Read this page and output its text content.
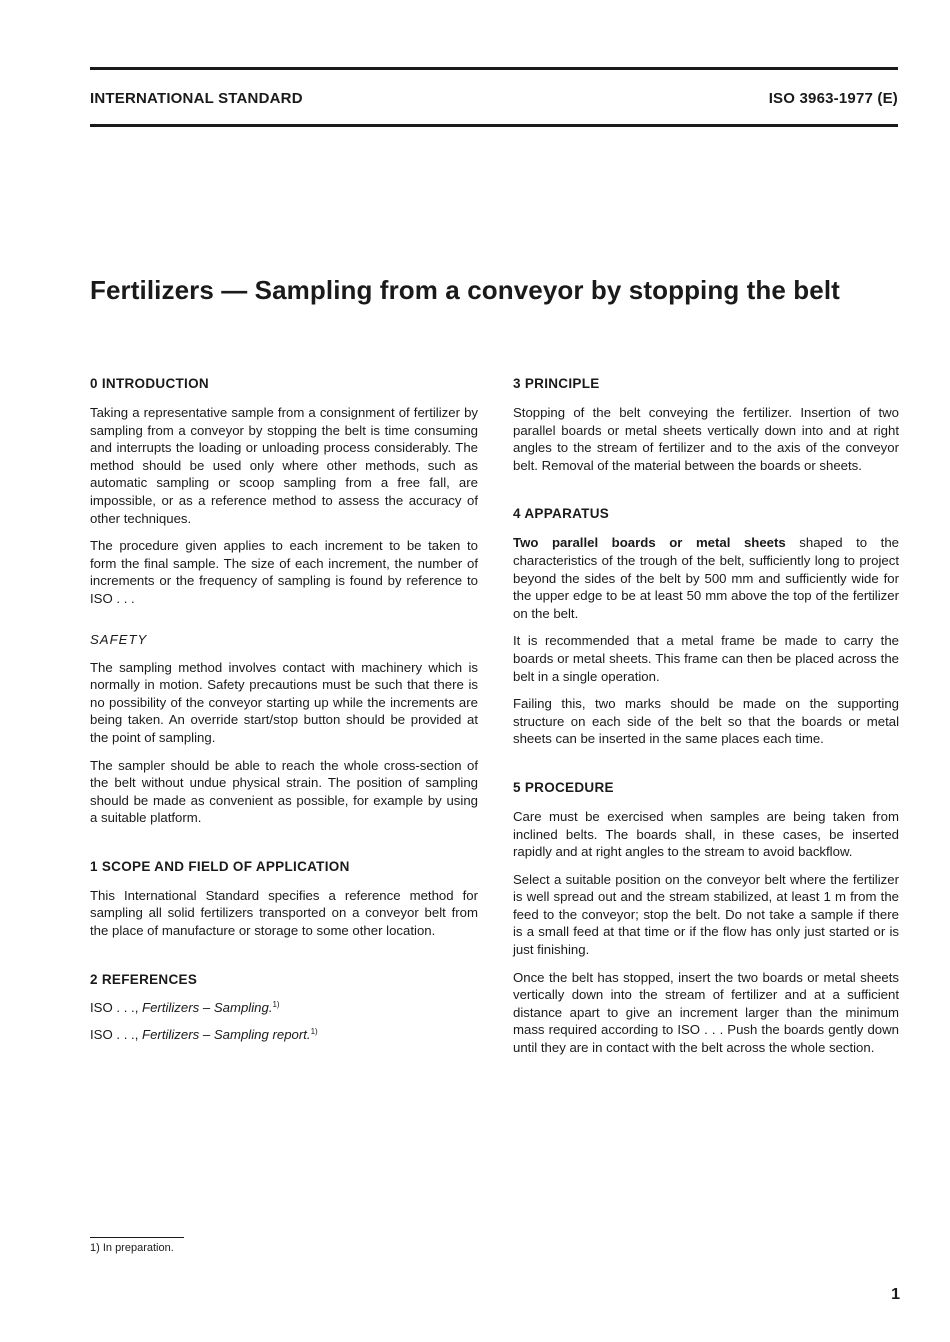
INTERNATIONAL STANDARD	ISO 3963-1977 (E)
Fertilizers — Sampling from a conveyor by stopping the belt
0 INTRODUCTION

Taking a representative sample from a consignment of fertilizer by sampling from a conveyor by stopping the belt is time consuming and interrupts the loading or unloading process considerably. The method should be used only where other methods, such as automatic sampling or scoop sampling from a free fall, are impossible, or as a reference method to assess the accuracy of other techniques.

The procedure given applies to each increment to be taken to form the final sample. The size of each increment, the number of increments or the frequency of sampling is found by reference to ISO . . .

SAFETY

The sampling method involves contact with machinery which is normally in motion. Safety precautions must be such that there is no possibility of the conveyor starting up while the increments are being taken. An override start/stop button should be provided at the point of sampling.

The sampler should be able to reach the whole cross-section of the belt without undue physical strain. The position of sampling should be made as convenient as possible, for example by using a suitable platform.

1 SCOPE AND FIELD OF APPLICATION

This International Standard specifies a reference method for sampling all solid fertilizers transported on a conveyor belt from the place of manufacture or storage to some other location.

2 REFERENCES
ISO . . ., Fertilizers – Sampling.$^{1)}$
ISO . . ., Fertilizers – Sampling report.$^{1)}$
3 PRINCIPLE

Stopping of the belt conveying the fertilizer. Insertion of two parallel boards or metal sheets vertically down into and at right angles to the stream of fertilizer and to the axis of the conveyor belt. Removal of the material between the boards or sheets.

4 APPARATUS

Two parallel boards or metal sheets shaped to the characteristics of the trough of the belt, sufficiently long to project beyond the sides of the belt by 500 mm and sufficiently wide for the upper edge to be at least 50 mm above the top of the fertilizer on the belt.

It is recommended that a metal frame be made to carry the boards or metal sheets. This frame can then be placed across the belt in a single operation.

Failing this, two marks should be made on the supporting structure on each side of the belt so that the boards or metal sheets can be inserted in the same places each time.

5 PROCEDURE

Care must be exercised when samples are being taken from inclined belts. The boards shall, in these cases, be inserted rapidly and at right angles to the stream to avoid backflow.

Select a suitable position on the conveyor belt where the fertilizer is well spread out and the stream stabilized, at least 1 m from the feed to the conveyor; stop the belt. Do not take a sample if there is a small feed at that time or if the flow has only just started or is just finishing.

Once the belt has stopped, insert the two boards or metal sheets vertically down into the stream of fertilizer and at a sufficient distance apart to give an increment larger than the minimum mass required according to ISO . . . Push the boards gently down until they are in contact with the belt across the whole section.

1) In preparation.
1
